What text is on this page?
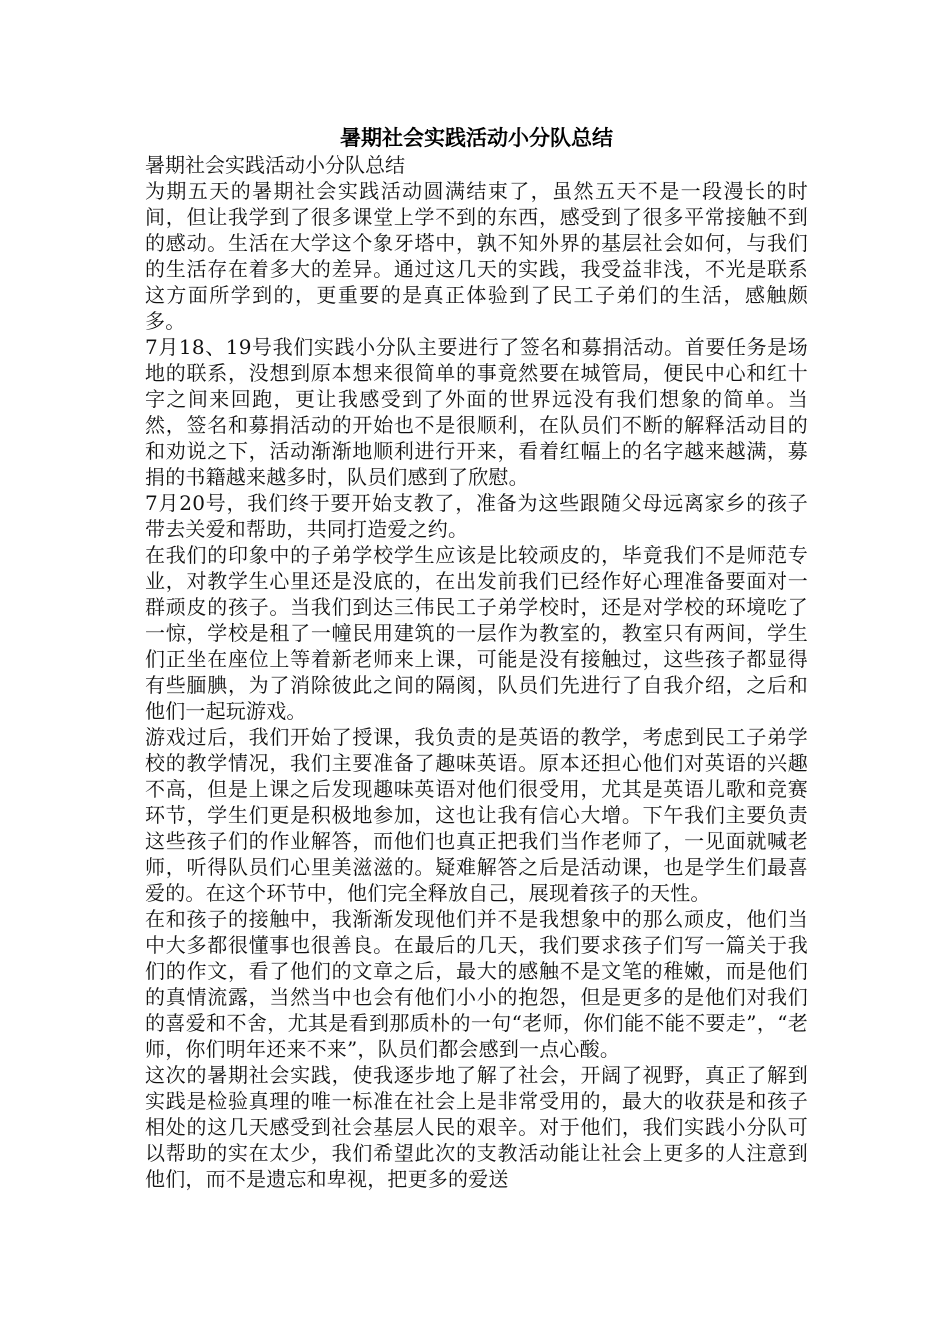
暑期社会实践活动小分队总结

暑期社会实践活动小分队总结

为期五天的暑期社会实践活动圆满结束了，虽然五天不是一段漫长的时间，但让我学到了很多课堂上学不到的东西，感受到了很多平常接触不到的感动。生活在大学这个象牙塔中，孰不知外界的基层社会如何，与我们的生活存在着多大的差异。通过这几天的实践，我受益非浅，不光是联系这方面所学到的，更重要的是真正体验到了民工子弟们的生活，感触颇多。

7月18、19号我们实践小分队主要进行了签名和募捐活动。首要任务是场地的联系，没想到原本想来很简单的事竟然要在城管局，便民中心和红十字之间来回跑，更让我感受到了外面的世界远没有我们想象的简单。当然，签名和募捐活动的开始也不是很顺利，在队员们不断的解释活动目的和劝说之下，活动渐渐地顺利进行开来，看着红幅上的名字越来越满，募捐的书籍越来越多时，队员们感到了欣慰。

7月20号，我们终于要开始支教了，准备为这些跟随父母远离家乡的孩子带去关爱和帮助，共同打造爱之约。

在我们的印象中的子弟学校学生应该是比较顽皮的，毕竟我们不是师范专业，对教学生心里还是没底的，在出发前我们已经作好心理准备要面对一群顽皮的孩子。当我们到达三伟民工子弟学校时，还是对学校的环境吃了一惊，学校是租了一幢民用建筑的一层作为教室的，教室只有两间，学生们正坐在座位上等着新老师来上课，可能是没有接触过，这些孩子都显得有些腼腆，为了消除彼此之间的隔阂，队员们先进行了自我介绍，之后和他们一起玩游戏。

游戏过后，我们开始了授课，我负责的是英语的教学，考虑到民工子弟学校的教学情况，我们主要准备了趣味英语。原本还担心他们对英语的兴趣不高，但是上课之后发现趣味英语对他们很受用，尤其是英语儿歌和竞赛环节，学生们更是积极地参加，这也让我有信心大增。下午我们主要负责这些孩子们的作业解答，而他们也真正把我们当作老师了，一见面就喊老师，听得队员们心里美滋滋的。疑难解答之后是活动课，也是学生们最喜爱的。在这个环节中，他们完全释放自己，展现着孩子的天性。

在和孩子的接触中，我渐渐发现他们并不是我想象中的那么顽皮，他们当中大多都很懂事也很善良。在最后的几天，我们要求孩子们写一篇关于我们的作文，看了他们的文章之后，最大的感触不是文笔的稚嫩，而是他们的真情流露，当然当中也会有他们小小的抱怨，但是更多的是他们对我们的喜爱和不舍，尤其是看到那质朴的一句“老师，你们能不能不要走”，“老师，你们明年还来不来”，队员们都会感到一点心酸。

这次的暑期社会实践，使我逐步地了解了社会，开阔了视野，真正了解到实践是检验真理的唯一标准在社会上是非常受用的，最大的收获是和孩子相处的这几天感受到社会基层人民的艰辛。对于他们，我们实践小分队可以帮助的实在太少，我们希望此次的支教活动能让社会上更多的人注意到他们，而不是遗忘和卑视，把更多的爱送
